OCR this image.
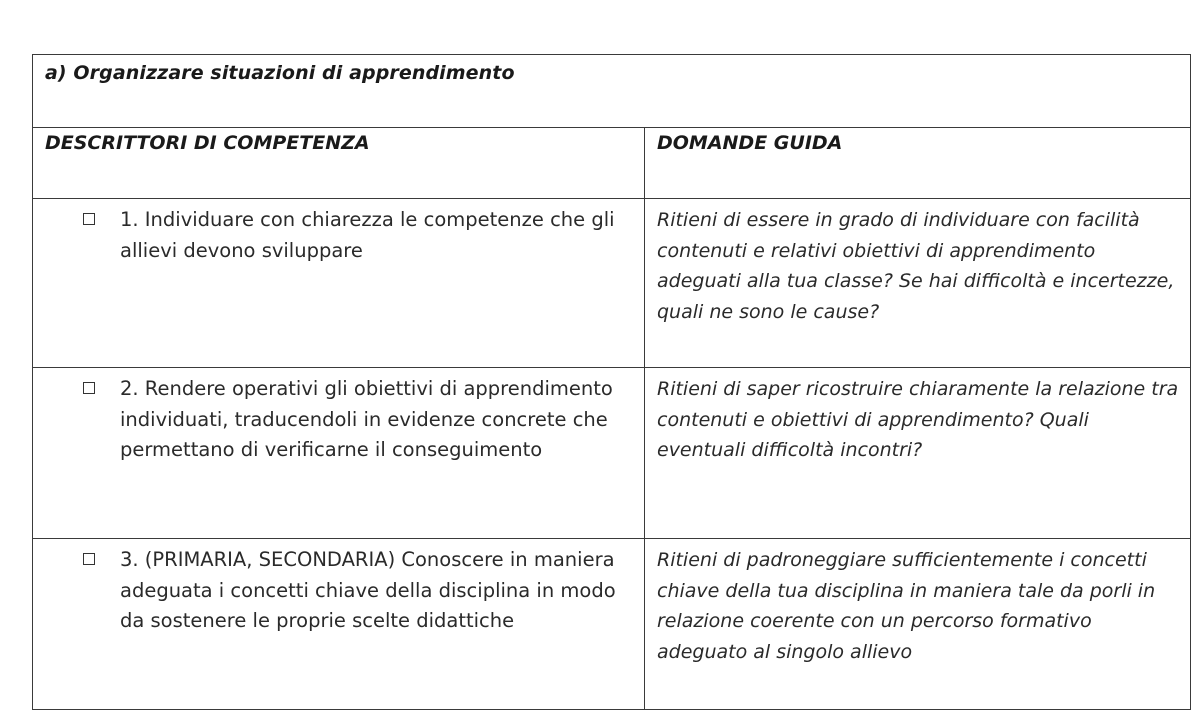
a) Organizzare situazioni di apprendimento	

DESCRITTORI DI COMPETENZA	DOMANDE GUIDA

1. Individuare con chiarezza le competenze che gli allievi devono sviluppare	Ritieni di essere in grado di individuare con facilità contenuti e relativi obiettivi di apprendimento adeguati alla tua classe? Se hai difficoltà e incertezze, quali ne sono le cause?

2. Rendere operativi gli obiettivi di apprendimento individuati, traducendoli in evidenze concrete che permettano di verificarne il conseguimento	Ritieni di saper ricostruire chiaramente la relazione tra contenuti e obiettivi di apprendimento? Quali eventuali difficoltà incontri?

3. (PRIMARIA, SECONDARIA) Conoscere in maniera adeguata i concetti chiave della disciplina in modo da sostenere le proprie scelte didattiche	Ritieni di padroneggiare sufficientemente i concetti chiave della tua disciplina in maniera tale da porli in relazione coerente con un percorso formativo adeguato al singolo allievo
